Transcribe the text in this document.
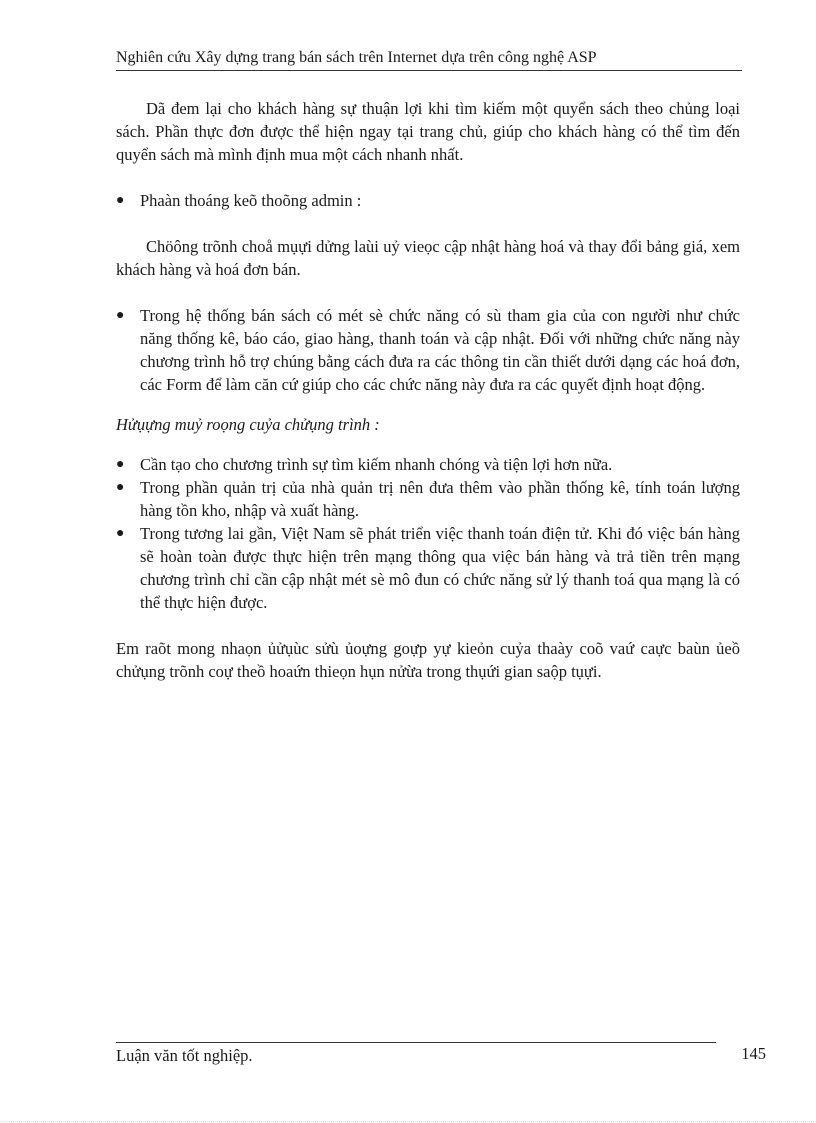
Nghiên cứu Xây dựng trang bán sách trên Internet dựa trên công nghệ ASP

Dã đem lại cho khách hàng sự thuận lợi khi tìm kiếm một quyển sách theo chủng loại sách. Phần thực đơn được thể hiện ngay tại trang chủ, giúp cho khách hàng có thể tìm đến quyển sách mà mình định mua một cách nhanh nhất.

● Phaàn thoáng keõ thoõng admin :

Chöông trõnh choå mụựi dửng laùi uỷ vieọc cập nhật hàng hoá và thay đổi bảng giá, xem khách hàng và hoá đơn bán.

● Trong hệ thống bán sách có mét sè chức năng có sù tham gia của con người như chức năng thống kê, báo cáo, giao hàng, thanh toán và cập nhật. Đối với những chức năng này chương trình hỗ trợ chúng bằng cách đưa ra các thông tin cần thiết dưới dạng các hoá đơn, các Form để làm căn cứ giúp cho các chức năng này đưa ra các quyết định hoạt động.

Hửụựng muỷ roọng cuỷa chửụng trình :

● Cần tạo cho chương trình sự tìm kiếm nhanh chóng và tiện lợi hơn nữa.
● Trong phần quản trị của nhà quản trị nên đưa thêm vào phần thống kê, tính toán lượng hàng tồn kho, nhập và xuất hàng.
● Trong tương lai gần, Việt Nam sẽ phát triển việc thanh toán điện tử. Khi đó việc bán hàng sẽ hoàn toàn được thực hiện trên mạng thông qua việc bán hàng và trả tiền trên mạng chương trình chỉ cần cập nhật mét sè mô đun có chức năng sử lý thanh toá qua mạng là có thể thực hiện được.

Em raõt mong nhaọn ủửụùc sửù ủoựng goựp yự kieỏn cuỷa thaày coõ vaứ caực baùn ủeồ chửụng trõnh coự theồ hoaứn thieọn hụn nửừa trong thụứi gian saộp tụựi.

Luận văn tốt nghiệp.	145
